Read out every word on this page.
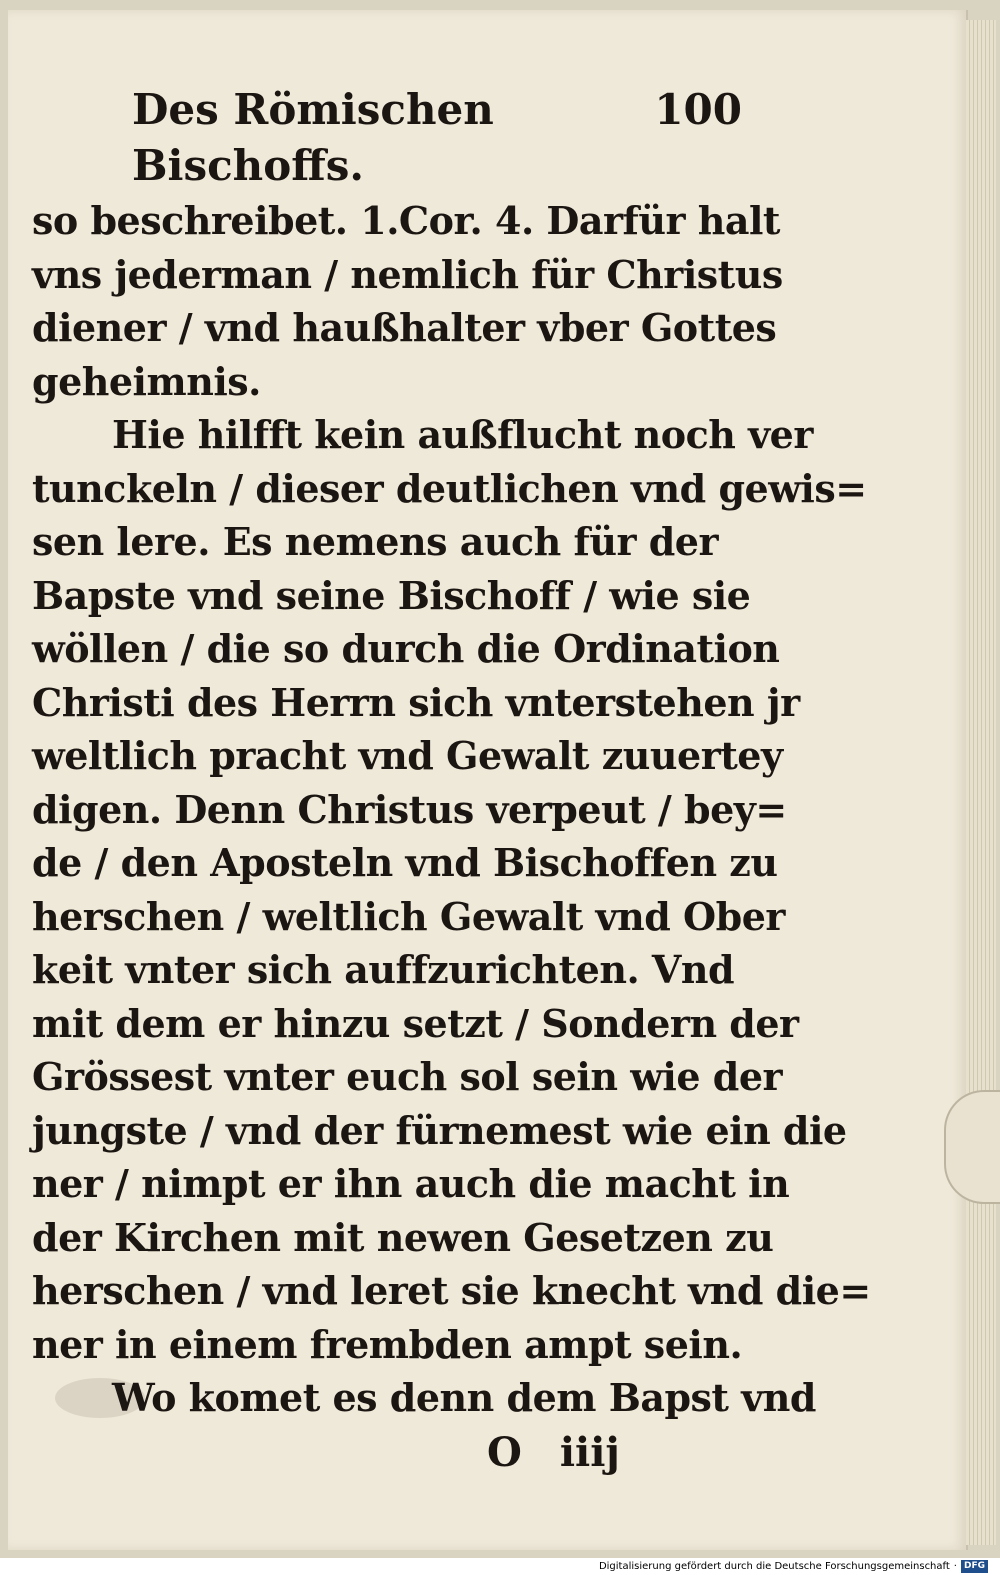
Des Römischen Bischoffs.
100
so beschreibet. 1.Cor. 4. Darfür halt
vns jederman / nemlich für Christus
diener / vnd haußhalter vber Gottes
geheimnis.
Hie hilfft kein außflucht noch ver
tunckeln / dieser deutlichen vnd gewis=
sen lere. Es nemens auch für der
Bapste vnd seine Bischoff / wie sie
wöllen / die so durch die Ordination
Christi des Herrn sich vnterstehen jr
weltlich pracht vnd Gewalt zuuertey
digen. Denn Christus verpeut / bey=
de / den Aposteln vnd Bischoffen zu
herschen / weltlich Gewalt vnd Ober
keit vnter sich auffzurichten. Vnd
mit dem er hinzu setzt / Sondern der
Grössest vnter euch sol sein wie der
jungste / vnd der fürnemest wie ein die
ner / nimpt er ihn auch die macht in
der Kirchen mit newen Gesetzen zu
herschen / vnd leret sie knecht vnd die=
ner in einem frembden ampt sein.
Wo komet es denn dem Bapst vnd
O iiij
Digitalisierung gefördert durch die Deutsche Forschungsgemeinschaft · DFG
